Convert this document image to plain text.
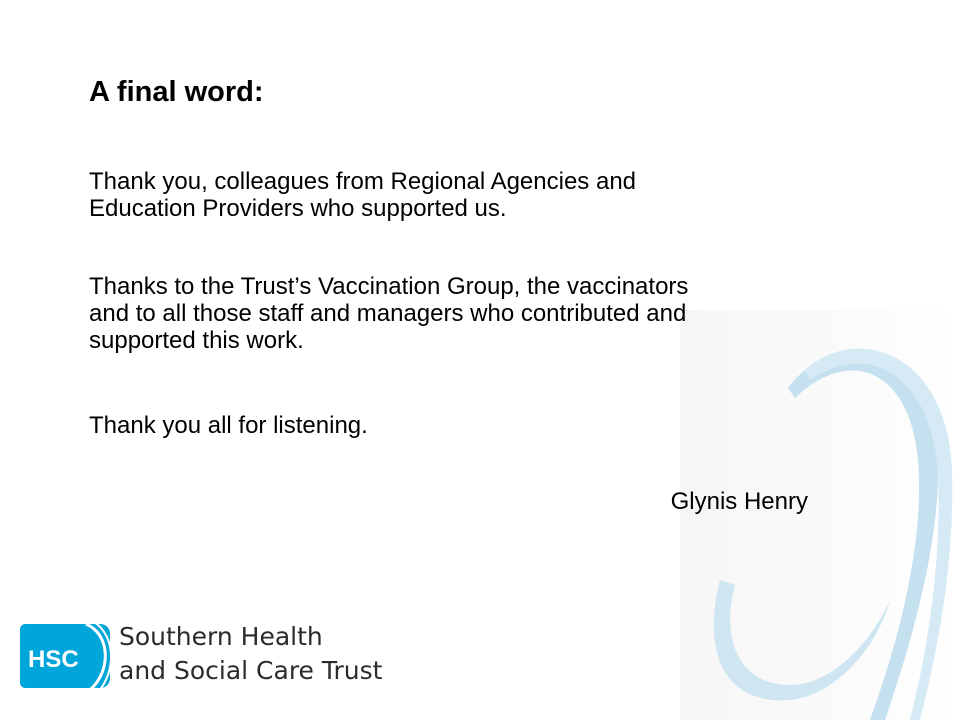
A final word:

Thank you, colleagues from Regional Agencies and
Education Providers who supported us.

Thanks to the Trust’s Vaccination Group, the vaccinators
and to all those staff and managers who contributed and
supported this work.

Thank you all for listening.

Glynis Henry

HSC
Southern Health
and Social Care Trust
